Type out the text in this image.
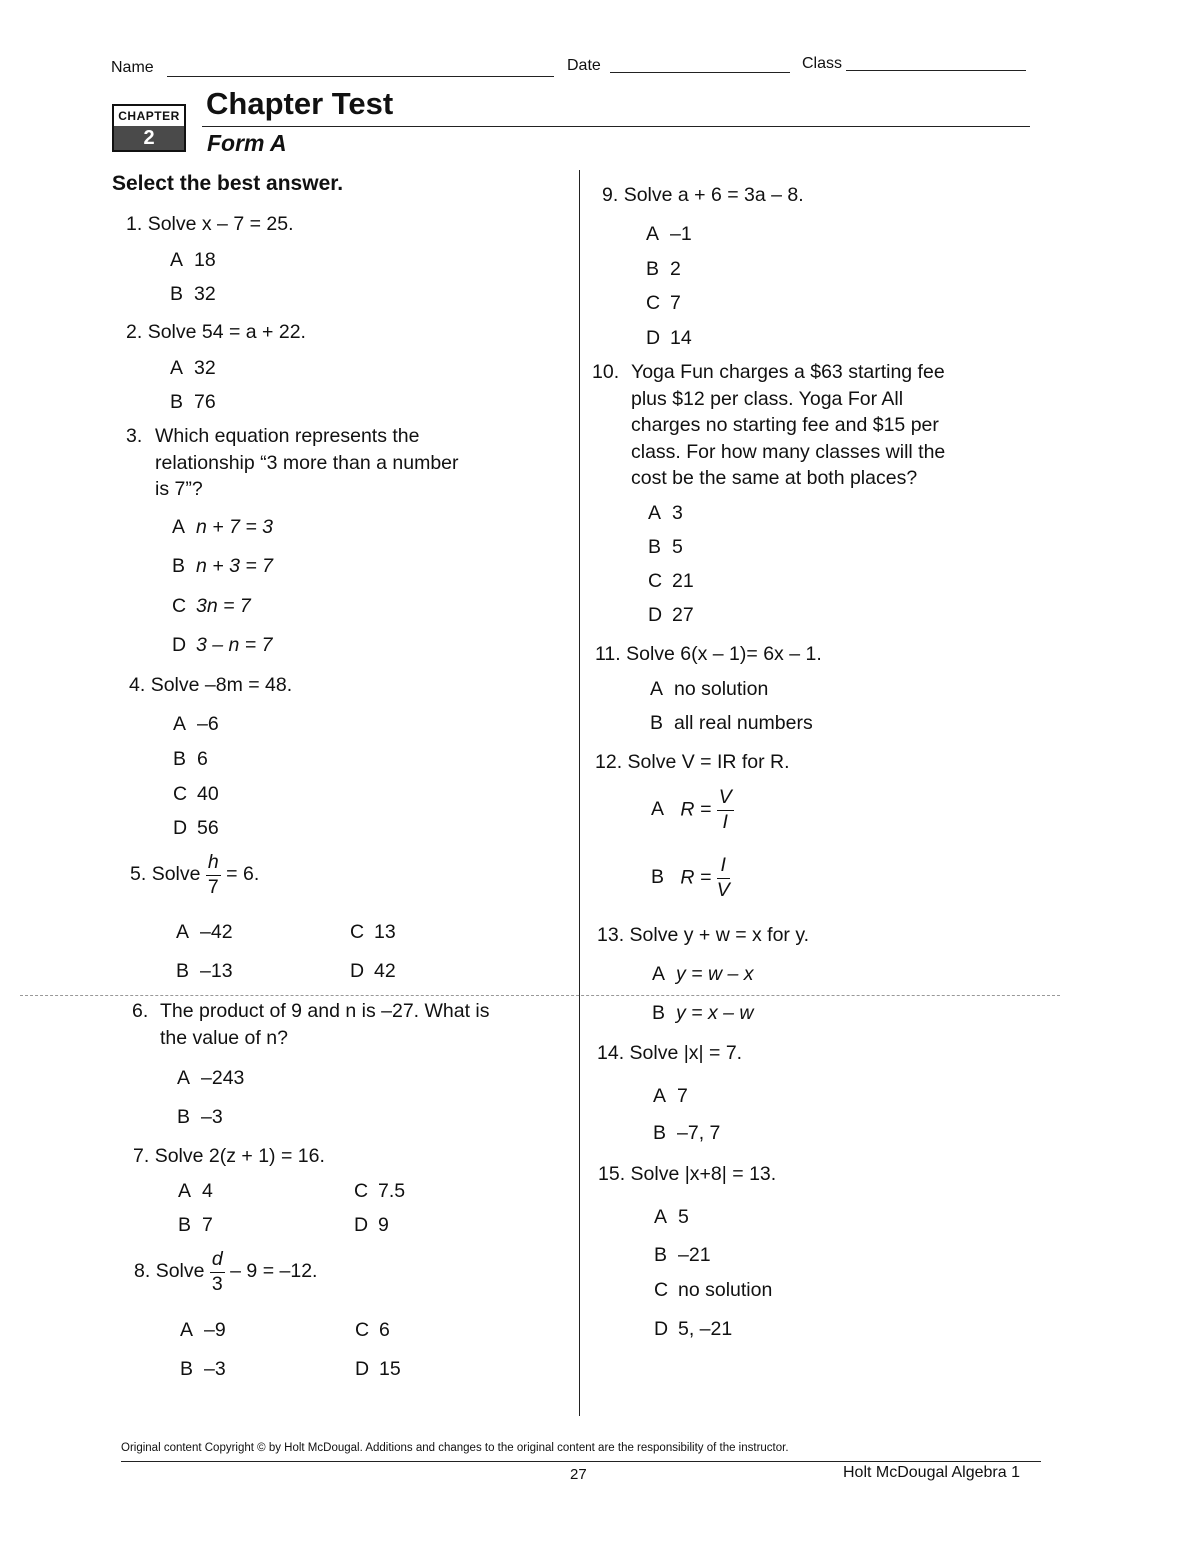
Name	Date	Class
CHAPTER
2
Chapter Test
Form A
Select the best answer.
1. Solve x – 7 = 25.
A 18
B 32
2. Solve 54 = a + 22.
A 32
B 76
3. Which equation represents the
relationship “3 more than a number
is 7”?
A n + 7 = 3
B n + 3 = 7
C 3n = 7
D 3 – n = 7
4. Solve –8m = 48.
A –6
B 6
C 40
D 56
5. Solve $\frac{h}{7} = 6$.
A –42
B –13
C 13
D 42
6. The product of 9 and n is –27. What is
the value of n?
A –243
B –3
7. Solve 2(z + 1) = 16.
A 4
B 7
C 7.5
D 9
8. Solve $\frac{d}{3} - 9 = -12$.
A –9
B –3
C 6
D 15
9. Solve a + 6 = 3a – 8.
A –1
B 2
C 7
D 14
10. Yoga Fun charges a $63 starting fee
plus $12 per class. Yoga For All
charges no starting fee and $15 per
class. For how many classes will the
cost be the same at both places?
A 3
B 5
C 21
D 27
11. Solve 6(x – 1)= 6x – 1.
A no solution
B all real numbers
12. Solve V = IR for R.
A $R = \frac{V}{I}$
B $R = \frac{I}{V}$
13. Solve y + w = x for y.
A y = w – x
B y = x – w
14. Solve |x| = 7.
A 7
B –7, 7
15. Solve |x+8| = 13.
A 5
B –21
C no solution
D 5, –21
Original content Copyright © by Holt McDougal. Additions and changes to the original content are the responsibility of the instructor.
27	Holt McDougal Algebra 1
